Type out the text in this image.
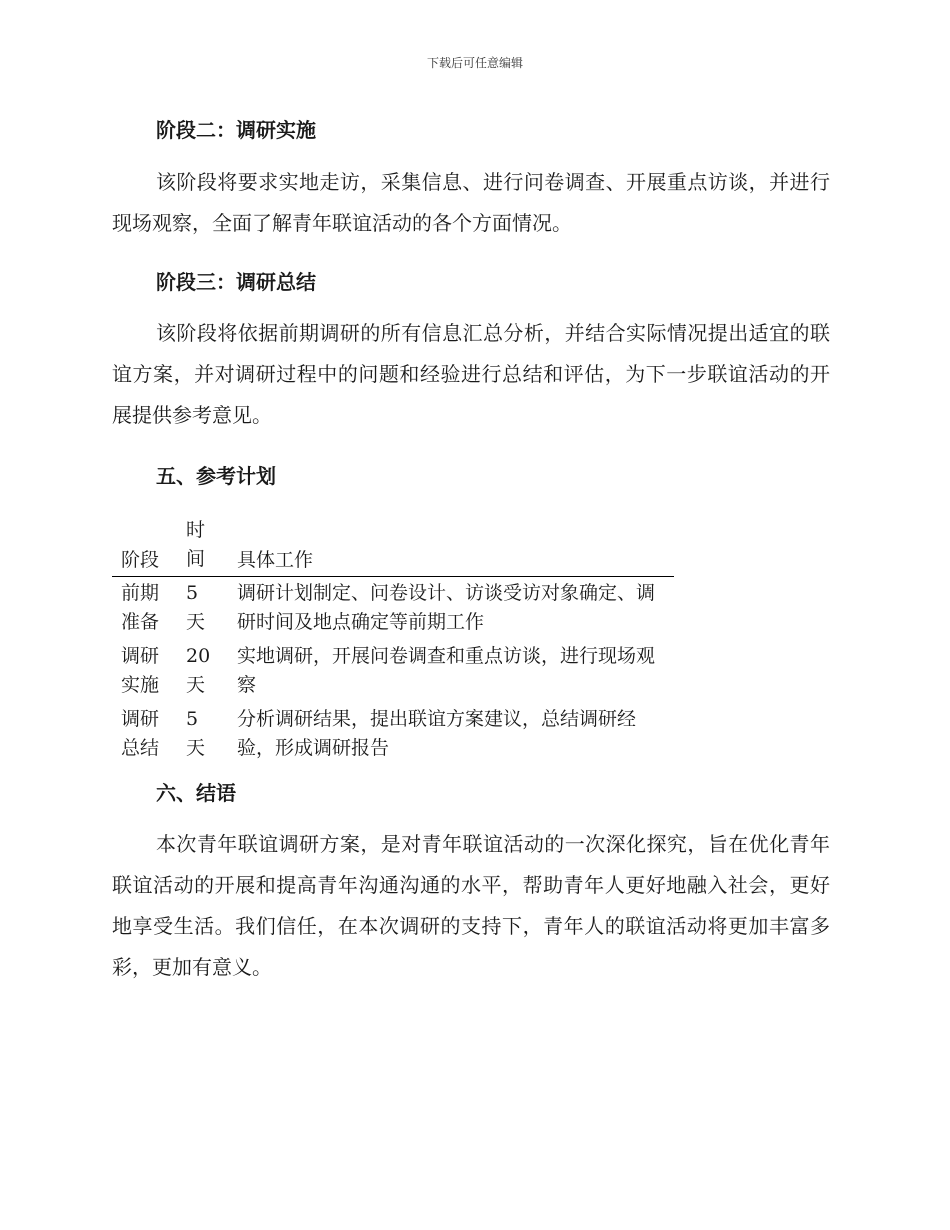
下载后可任意编辑
阶段二：调研实施
该阶段将要求实地走访，采集信息、进行问卷调查、开展重点访谈，并进行现场观察，全面了解青年联谊活动的各个方面情况。
阶段三：调研总结
该阶段将依据前期调研的所有信息汇总分析，并结合实际情况提出适宜的联谊方案，并对调研过程中的问题和经验进行总结和评估，为下一步联谊活动的开展提供参考意见。
五、参考计划
阶段
时间	具体工作
前期准备
5天
调研计划制定、问卷设计、访谈受访对象确定、调研时间及地点确定等前期工作
调研实施
20天
实地调研，开展问卷调查和重点访谈，进行现场观察
调研总结
5天
分析调研结果，提出联谊方案建议，总结调研经验，形成调研报告
六、结语
本次青年联谊调研方案，是对青年联谊活动的一次深化探究，旨在优化青年联谊活动的开展和提高青年沟通沟通的水平，帮助青年人更好地融入社会，更好地享受生活。我们信任，在本次调研的支持下，青年人的联谊活动将更加丰富多彩，更加有意义。
